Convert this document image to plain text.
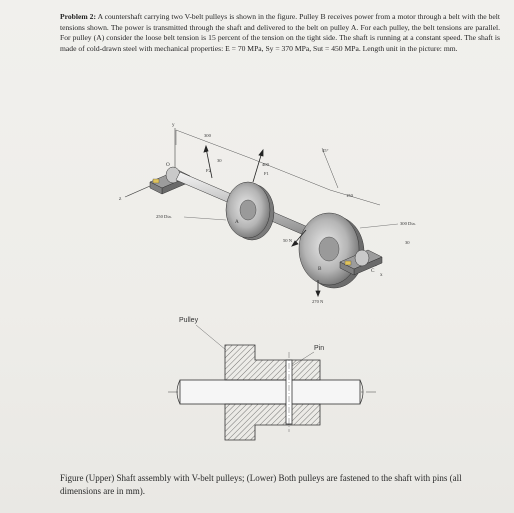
Problem 2: A countershaft carrying two V-belt pulleys is shown in the figure. Pulley B receives power from a motor through a belt with the belt tensions shown. The power is transmitted through the shaft and delivered to the belt on pulley A. For each pulley, the belt tensions are parallel. For pulley (A) consider the loose belt tension is 15 percent of the tension on the tight side. The shaft is running at a constant speed. The shaft is made of cold-drawn steel with mechanical properties: E = 70 MPa, Sy = 370 MPa, Sut = 450 MPa. Length unit in the picture: mm.
y
z
x
O
300
400
150
30
30
45°
A
B	C
F2
F1
50 N
270 N
250 Dia.
300 Dia.
Pulley
Pin
Figure (Upper) Shaft assembly with V-belt pulleys; (Lower) Both pulleys are fastened to the shaft with pins (all dimensions are in mm).
